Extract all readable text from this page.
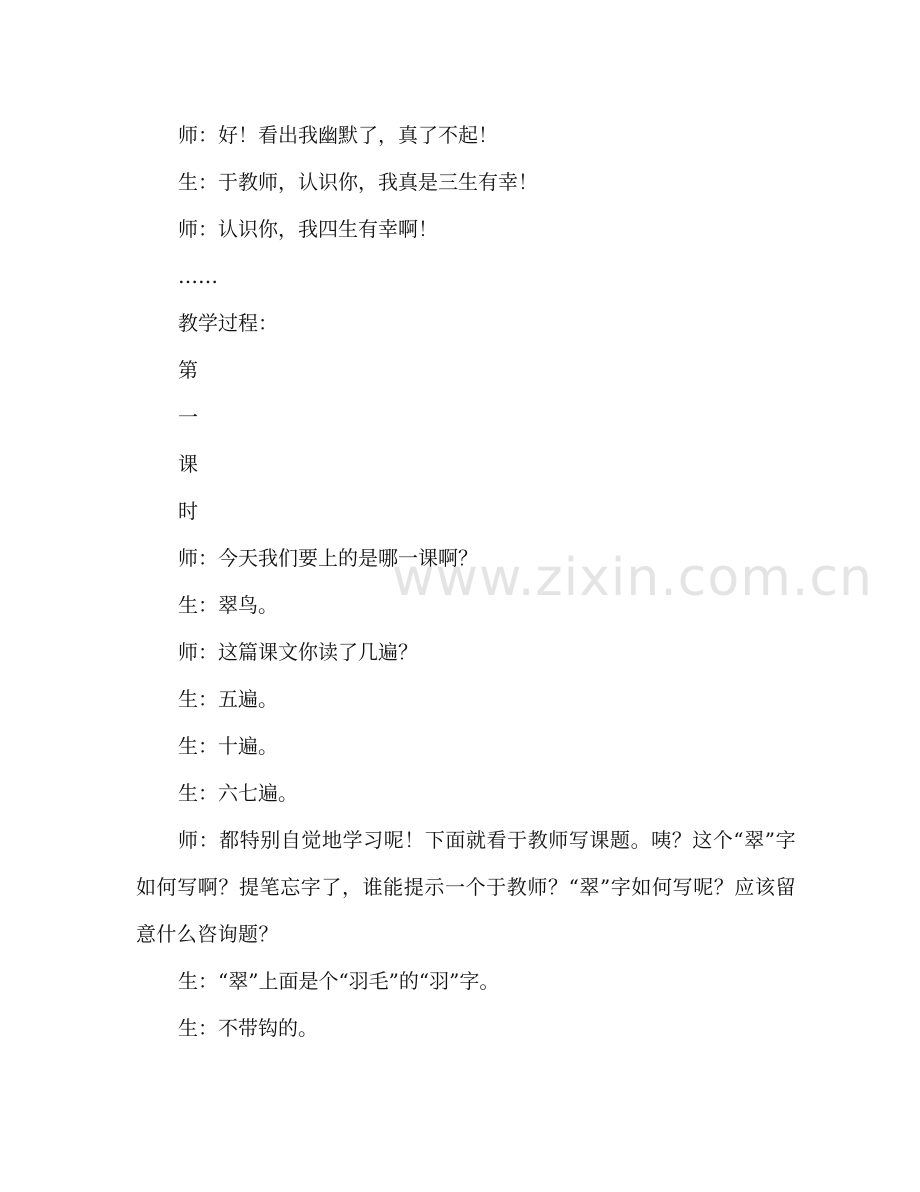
www.zixin.com.cn
师：好！看出我幽默了，真了不起！
生：于教师，认识你，我真是三生有幸！
师：认识你，我四生有幸啊！
……
教学过程：
第
一
课
时
师：今天我们要上的是哪一课啊？
生：翠鸟。
师：这篇课文你读了几遍？
生：五遍。
生：十遍。
生：六七遍。

师：都特别自觉地学习呢！下面就看于教师写课题。咦？这个“翠”字如何写啊？提笔忘字了，谁能提示一个于教师？“翠”字如何写呢？应该留意什么咨询题？

生：“翠”上面是个“羽毛”的“羽”字。
生：不带钩的。
